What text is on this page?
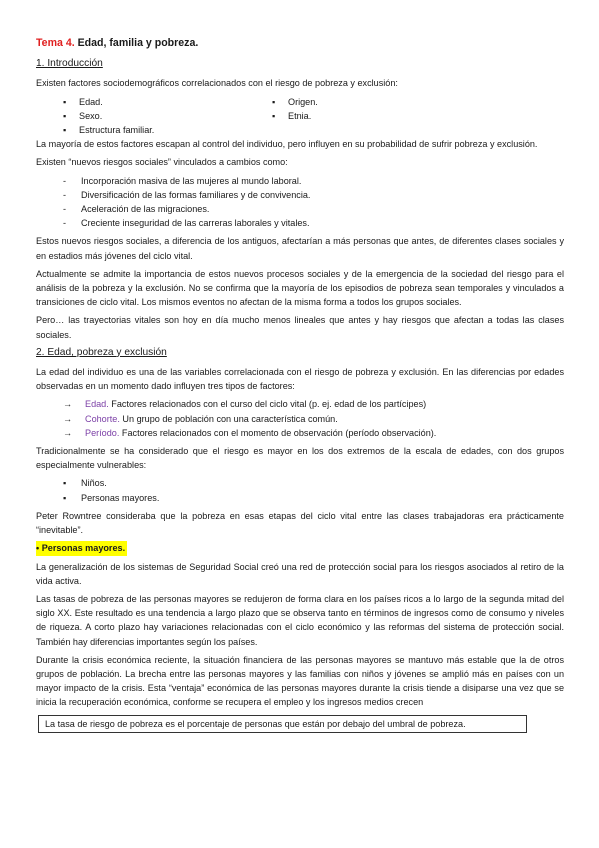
Tema 4. Edad, familia y pobreza.
1. Introducción

Existen factores sociodemográficos correlacionados con el riesgo de pobreza y exclusión:

▪	Edad.
▪	Sexo.
▪	Estructura familiar.
▪	Origen.
▪	Etnia.

La mayoría de estos factores escapan al control del individuo, pero influyen en su probabilidad de sufrir pobreza y exclusión.

Existen “nuevos riesgos sociales” vinculados a cambios como:

-	Incorporación masiva de las mujeres al mundo laboral.
-	Diversificación de las formas familiares y de convivencia.
-	Aceleración de las migraciones.
-	Creciente inseguridad de las carreras laborales y vitales.

Estos nuevos riesgos sociales, a diferencia de los antiguos, afectarían a más personas que antes, de diferentes clases sociales y en estadios más jóvenes del ciclo vital.

Actualmente se admite la importancia de estos nuevos procesos sociales y de la emergencia de la sociedad del riesgo para el análisis de la pobreza y la exclusión. No se confirma que la mayoría de los episodios de pobreza sean temporales y vinculados a transiciones de ciclo vital. Los mismos eventos no afectan de la misma forma a todos los grupos sociales.

Pero… las trayectorias vitales son hoy en día mucho menos lineales que antes y hay riesgos que afectan a todas las clases sociales.

2. Edad, pobreza y exclusión

La edad del individuo es una de las variables correlacionada con el riesgo de pobreza y exclusión. En las diferencias por edades observadas en un momento dado influyen tres tipos de factores:

→	Edad. Factores relacionados con el curso del ciclo vital (p. ej. edad de los partícipes)
→	Cohorte. Un grupo de población con una característica común.
→	Período. Factores relacionados con el momento de observación (período observación).

Tradicionalmente se ha considerado que el riesgo es mayor en los dos extremos de la escala de edades, con dos grupos especialmente vulnerables:

▪	Niños.
▪	Personas mayores.

Peter Rowntree consideraba que la pobreza en esas etapas del ciclo vital entre las clases trabajadoras era prácticamente “inevitable”.

• Personas mayores.

La generalización de los sistemas de Seguridad Social creó una red de protección social para los riesgos asociados al retiro de la vida activa.

Las tasas de pobreza de las personas mayores se redujeron de forma clara en los países ricos a lo largo de la segunda mitad del siglo XX. Este resultado es una tendencia a largo plazo que se observa tanto en términos de ingresos como de consumo y niveles de riqueza. A corto plazo hay variaciones relacionadas con el ciclo económico y las reformas del sistema de protección social. También hay diferencias importantes según los países.

Durante la crisis económica reciente, la situación financiera de las personas mayores se mantuvo más estable que la de otros grupos de población. La brecha entre las personas mayores y las familias con niños y jóvenes se amplió más en países con un mayor impacto de la crisis. Esta “ventaja” económica de las personas mayores durante la crisis tiende a disiparse una vez que se inicia la recuperación económica, conforme se recupera el empleo y los ingresos medios crecen

La tasa de riesgo de pobreza es el porcentaje de personas que están por debajo del umbral de pobreza.
